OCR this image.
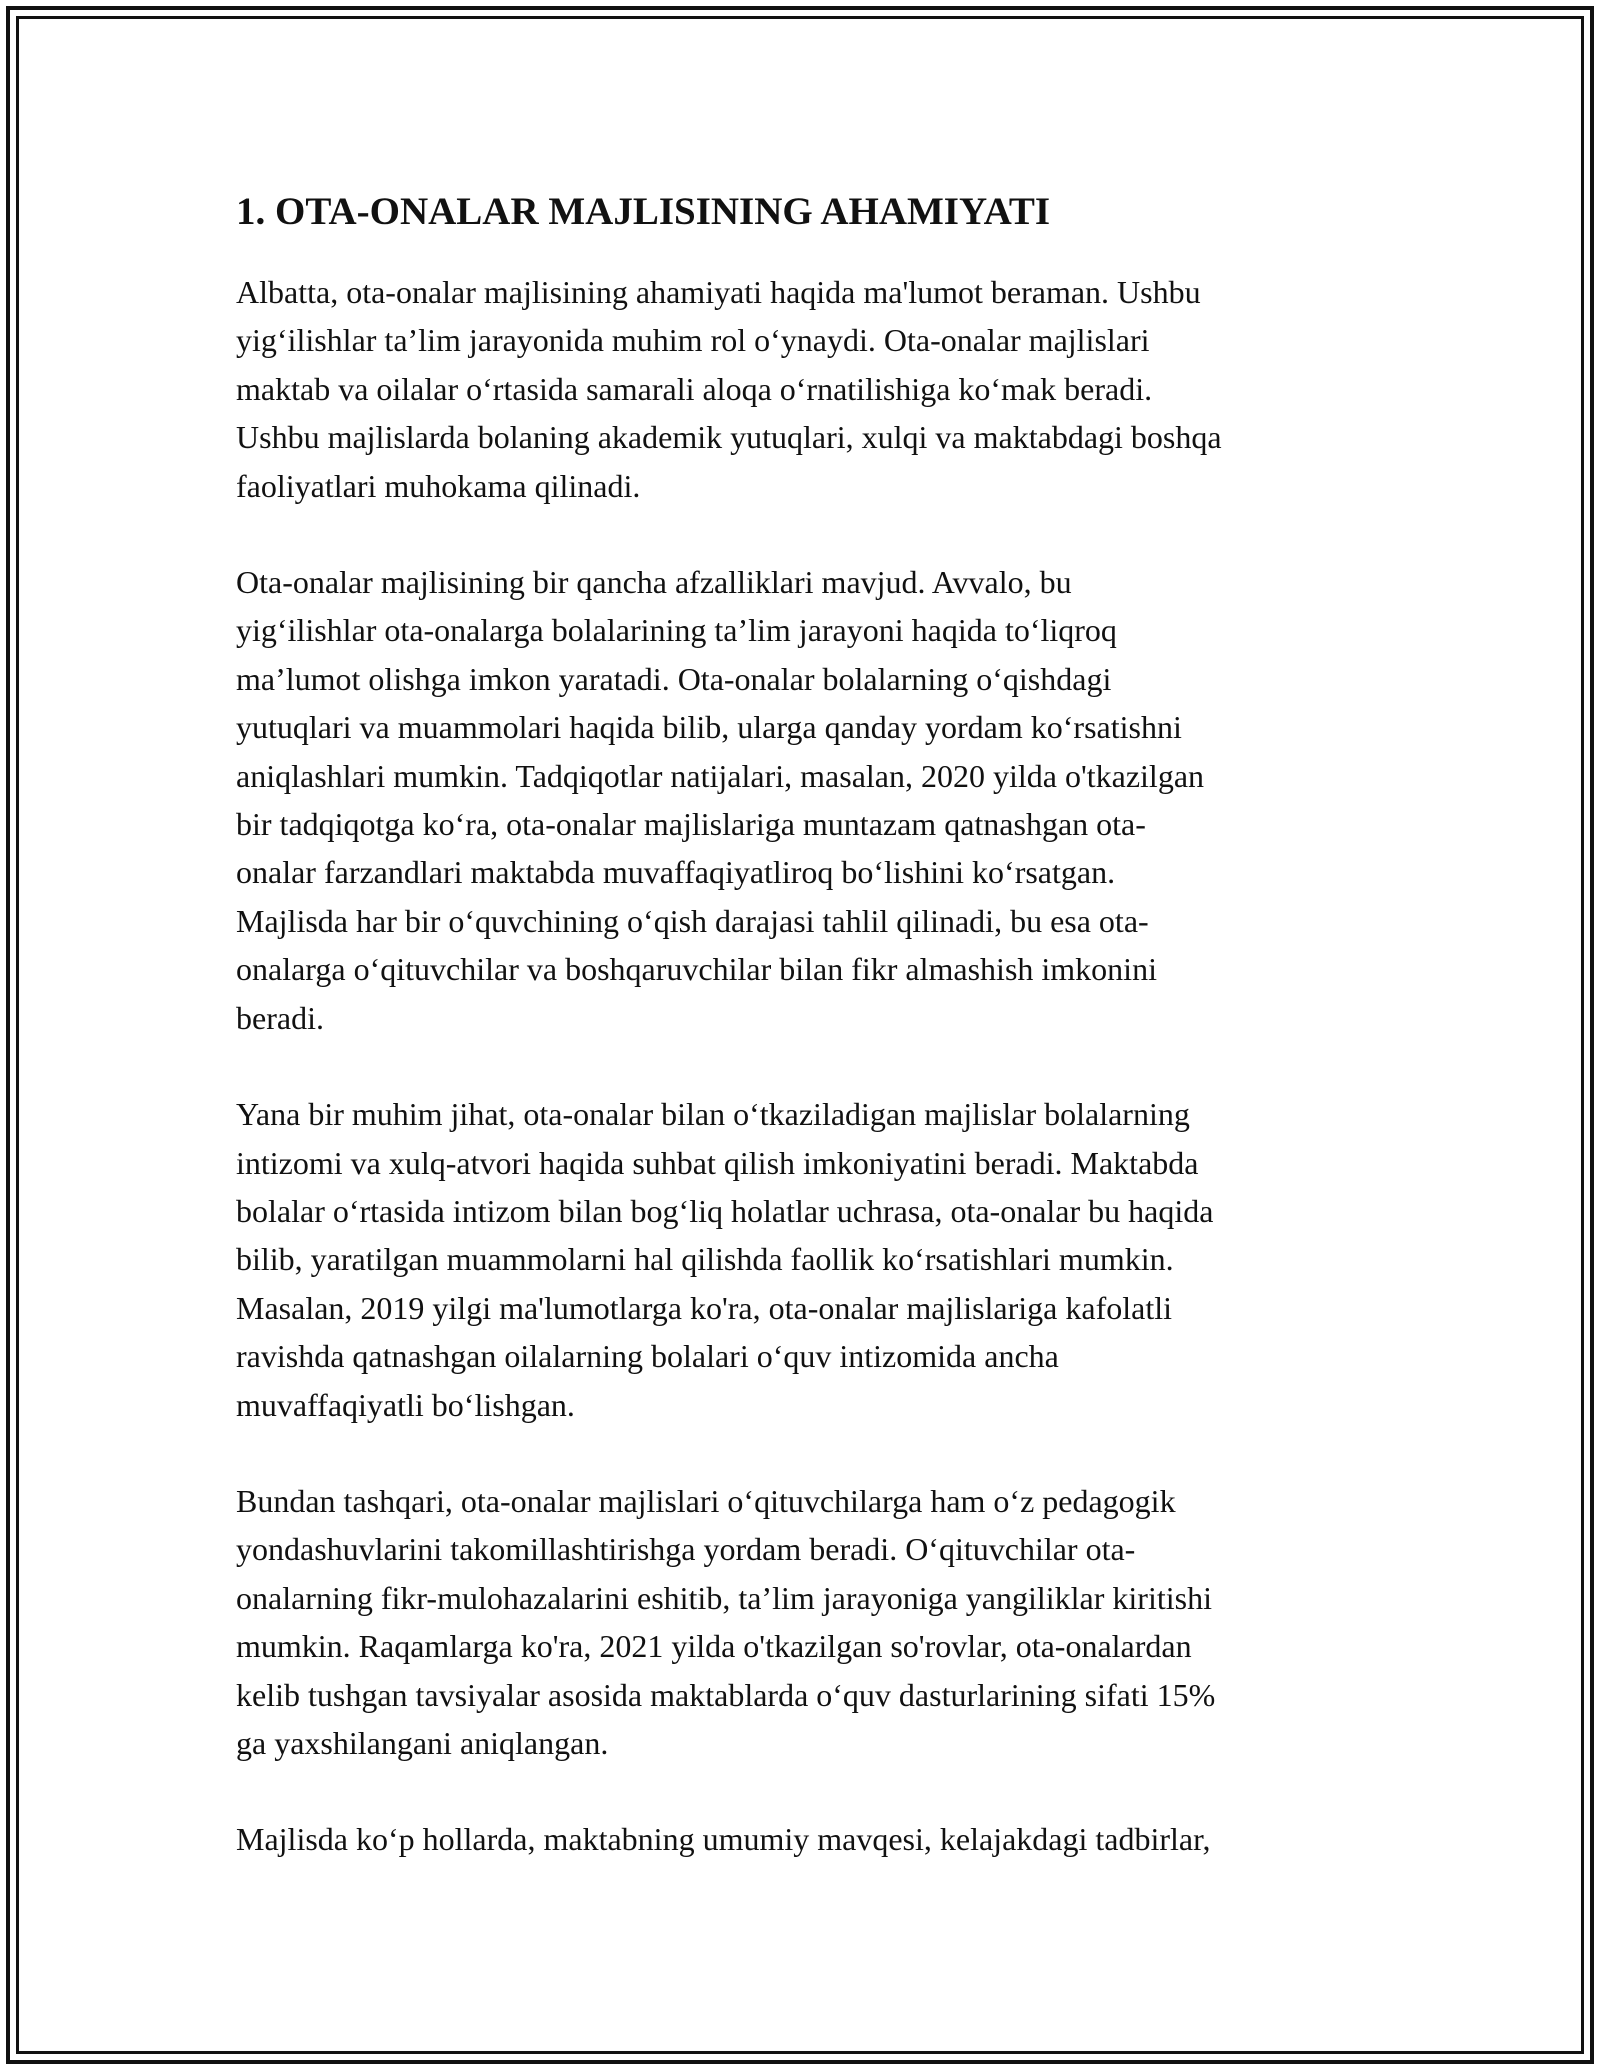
1. OTA-ONALAR MAJLISINING AHAMIYATI

Albatta, ota-onalar majlisining ahamiyati haqida ma'lumot beraman. Ushbu
yig‘ilishlar ta’lim jarayonida muhim rol o‘ynaydi. Ota-onalar majlislari
maktab va oilalar o‘rtasida samarali aloqa o‘rnatilishiga ko‘mak beradi.
Ushbu majlislarda bolaning akademik yutuqlari, xulqi va maktabdagi boshqa
faoliyatlari muhokama qilinadi.

Ota-onalar majlisining bir qancha afzalliklari mavjud. Avvalo, bu
yig‘ilishlar ota-onalarga bolalarining ta’lim jarayoni haqida to‘liqroq
ma’lumot olishga imkon yaratadi. Ota-onalar bolalarning o‘qishdagi
yutuqlari va muammolari haqida bilib, ularga qanday yordam ko‘rsatishni
aniqlashlari mumkin. Tadqiqotlar natijalari, masalan, 2020 yilda o'tkazilgan
bir tadqiqotga ko‘ra, ota-onalar majlislariga muntazam qatnashgan ota-
onalar farzandlari maktabda muvaffaqiyatliroq bo‘lishini ko‘rsatgan.
Majlisda har bir o‘quvchining o‘qish darajasi tahlil qilinadi, bu esa ota-
onalarga o‘qituvchilar va boshqaruvchilar bilan fikr almashish imkonini
beradi.

Yana bir muhim jihat, ota-onalar bilan o‘tkaziladigan majlislar bolalarning
intizomi va xulq-atvori haqida suhbat qilish imkoniyatini beradi. Maktabda
bolalar o‘rtasida intizom bilan bog‘liq holatlar uchrasa, ota-onalar bu haqida
bilib, yaratilgan muammolarni hal qilishda faollik ko‘rsatishlari mumkin.
Masalan, 2019 yilgi ma'lumotlarga ko'ra, ota-onalar majlislariga kafolatli
ravishda qatnashgan oilalarning bolalari o‘quv intizomida ancha
muvaffaqiyatli bo‘lishgan.

Bundan tashqari, ota-onalar majlislari o‘qituvchilarga ham o‘z pedagogik
yondashuvlarini takomillashtirishga yordam beradi. O‘qituvchilar ota-
onalarning fikr-mulohazalarini eshitib, ta’lim jarayoniga yangiliklar kiritishi
mumkin. Raqamlarga ko'ra, 2021 yilda o'tkazilgan so'rovlar, ota-onalardan
kelib tushgan tavsiyalar asosida maktablarda o‘quv dasturlarining sifati 15%
ga yaxshilangani aniqlangan.

Majlisda ko‘p hollarda, maktabning umumiy mavqesi, kelajakdagi tadbirlar,
